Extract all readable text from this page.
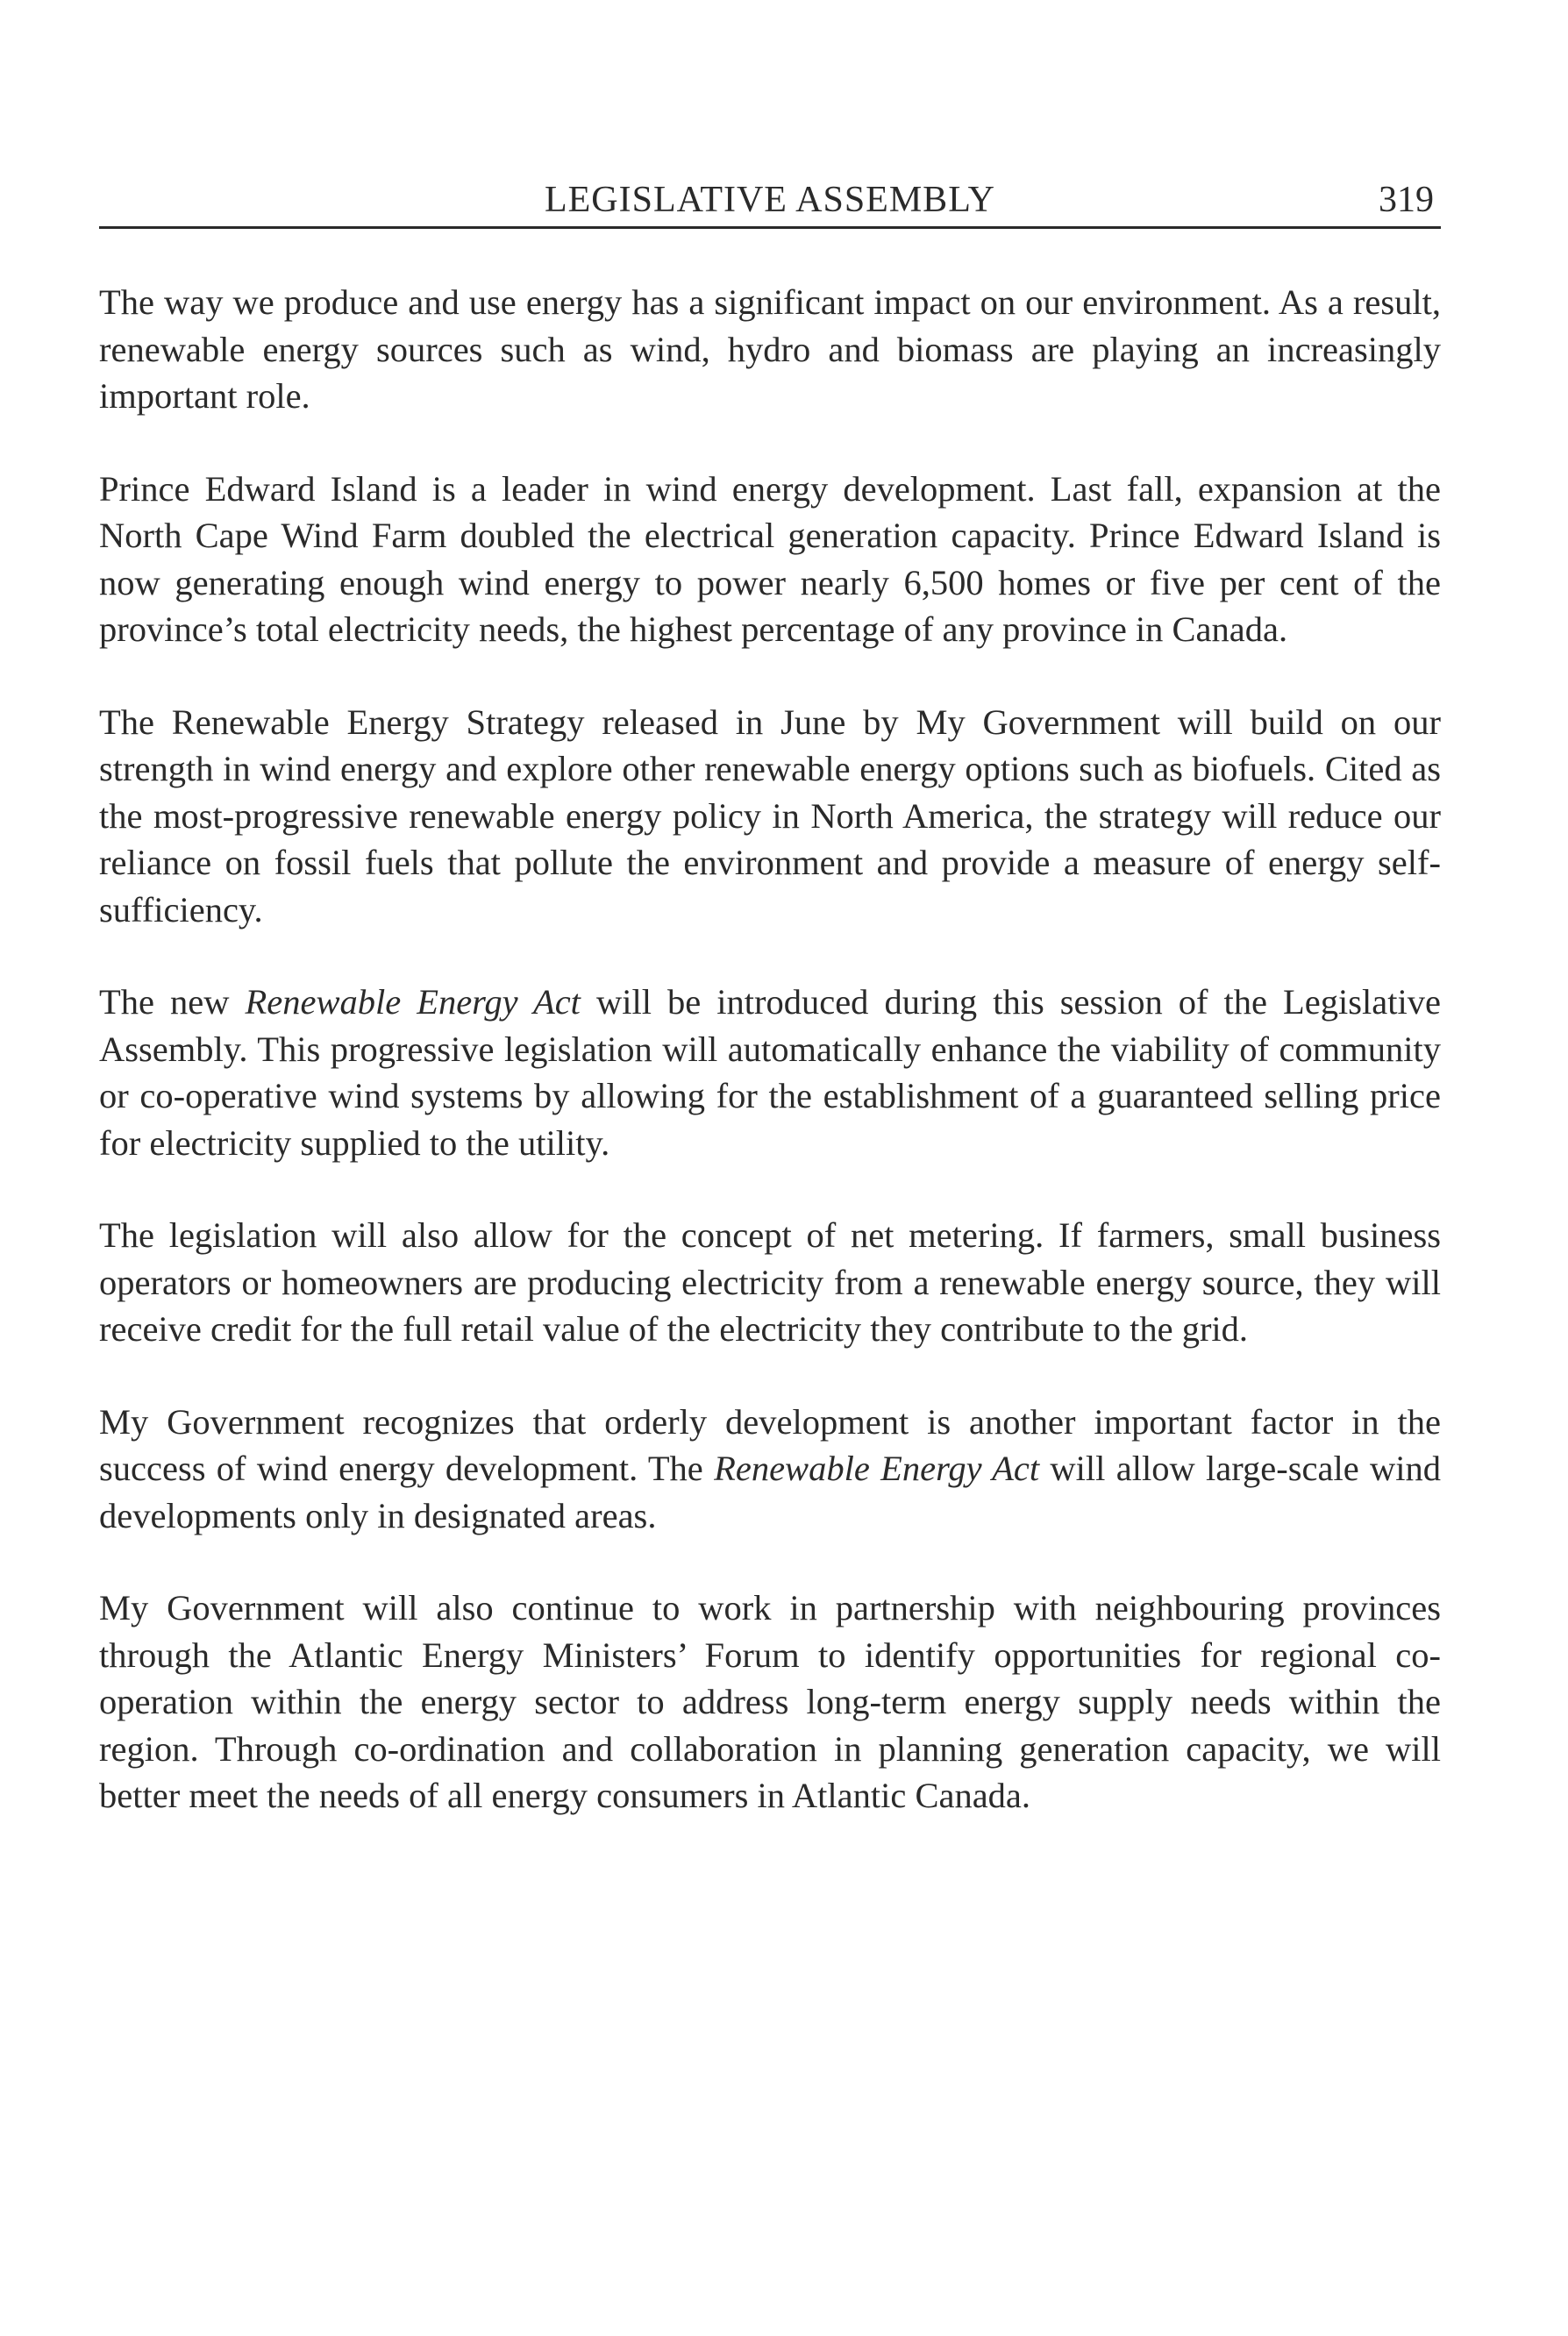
LEGISLATIVE ASSEMBLY	319

The way we produce and use energy has a significant impact on our environment. As a result, renewable energy sources such as wind, hydro and biomass are playing an increasingly important role.

Prince Edward Island is a leader in wind energy development. Last fall, expansion at the North Cape Wind Farm doubled the electrical generation capacity. Prince Edward Island is now generating enough wind energy to power nearly 6,500 homes or five per cent of the province’s total electricity needs, the highest percentage of any province in Canada.

The Renewable Energy Strategy released in June by My Government will build on our strength in wind energy and explore other renewable energy options such as biofuels. Cited as the most-progressive renewable energy policy in North America, the strategy will reduce our reliance on fossil fuels that pollute the environment and provide a measure of energy self-sufficiency.

The new Renewable Energy Act will be introduced during this session of the Legislative Assembly. This progressive legislation will automatically enhance the viability of community or co-operative wind systems by allowing for the establishment of a guaranteed selling price for electricity supplied to the utility.

The legislation will also allow for the concept of net metering. If farmers, small business operators or homeowners are producing electricity from a renewable energy source, they will receive credit for the full retail value of the electricity they contribute to the grid.

My Government recognizes that orderly development is another important factor in the success of wind energy development. The Renewable Energy Act will allow large-scale wind developments only in designated areas.

My Government will also continue to work in partnership with neighbouring provinces through the Atlantic Energy Ministers’ Forum to identify opportunities for regional co-operation within the energy sector to address long-term energy supply needs within the region. Through co-ordination and collaboration in planning generation capacity, we will better meet the needs of all energy consumers in Atlantic Canada.
